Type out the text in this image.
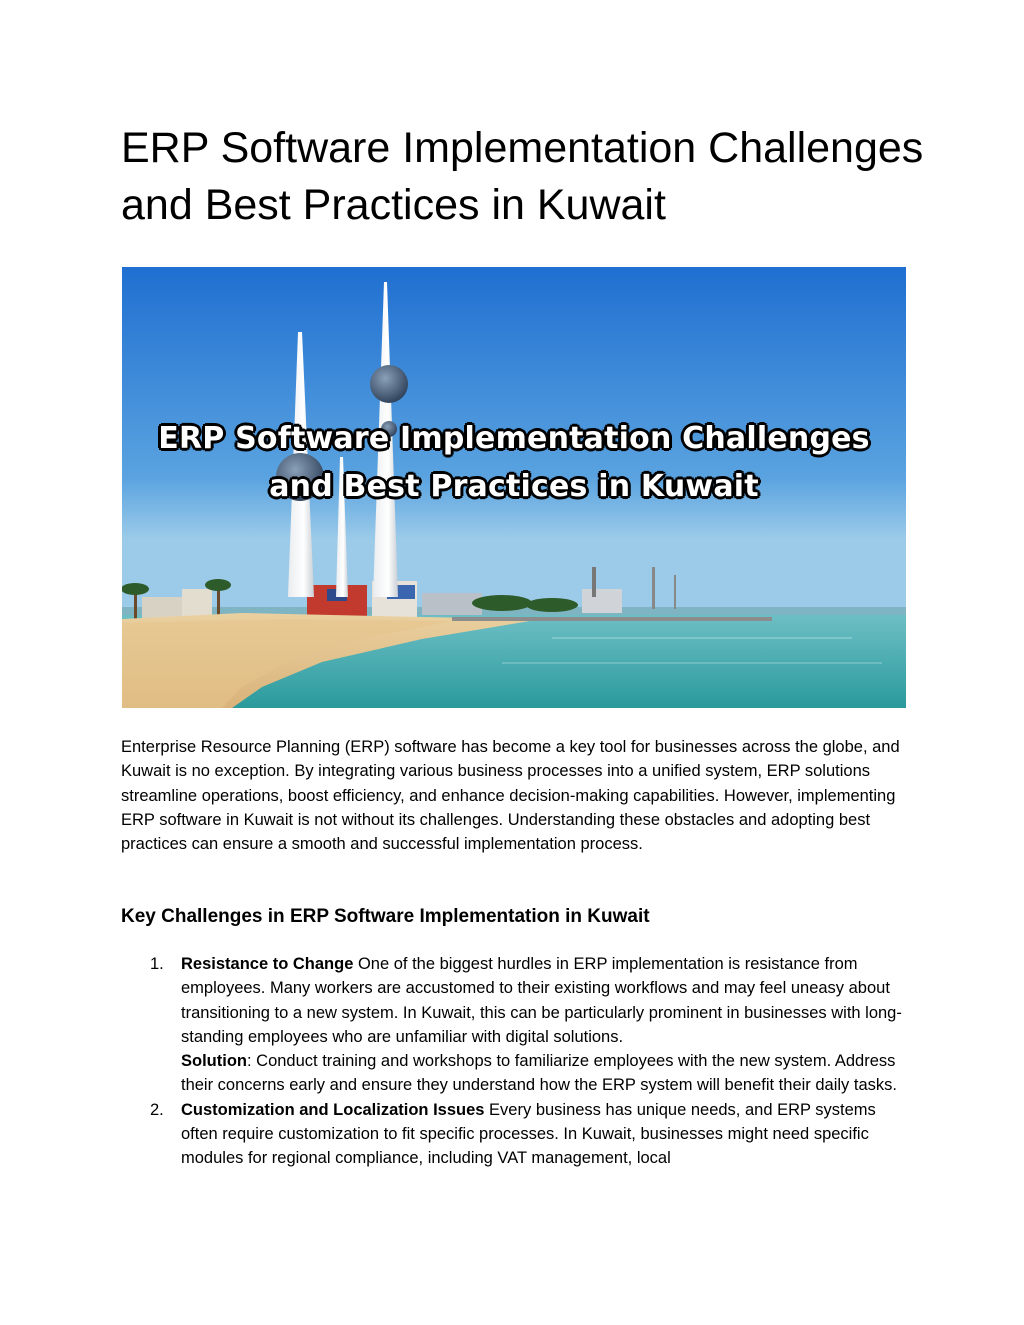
ERP Software Implementation Challenges and Best Practices in Kuwait
ERP Software Implementation Challenges
and Best Practices in Kuwait

Enterprise Resource Planning (ERP) software has become a key tool for businesses across the globe, and Kuwait is no exception. By integrating various business processes into a unified system, ERP solutions streamline operations, boost efficiency, and enhance decision-making capabilities. However, implementing ERP software in Kuwait is not without its challenges. Understanding these obstacles and adopting best practices can ensure a smooth and successful implementation process.

Key Challenges in ERP Software Implementation in Kuwait
1. Resistance to Change One of the biggest hurdles in ERP implementation is resistance from employees. Many workers are accustomed to their existing workflows and may feel uneasy about transitioning to a new system. In Kuwait, this can be particularly prominent in businesses with long-standing employees who are unfamiliar with digital solutions.
Solution: Conduct training and workshops to familiarize employees with the new system. Address their concerns early and ensure they understand how the ERP system will benefit their daily tasks.
2. Customization and Localization Issues Every business has unique needs, and ERP systems often require customization to fit specific processes. In Kuwait, businesses might need specific modules for regional compliance, including VAT management, local
